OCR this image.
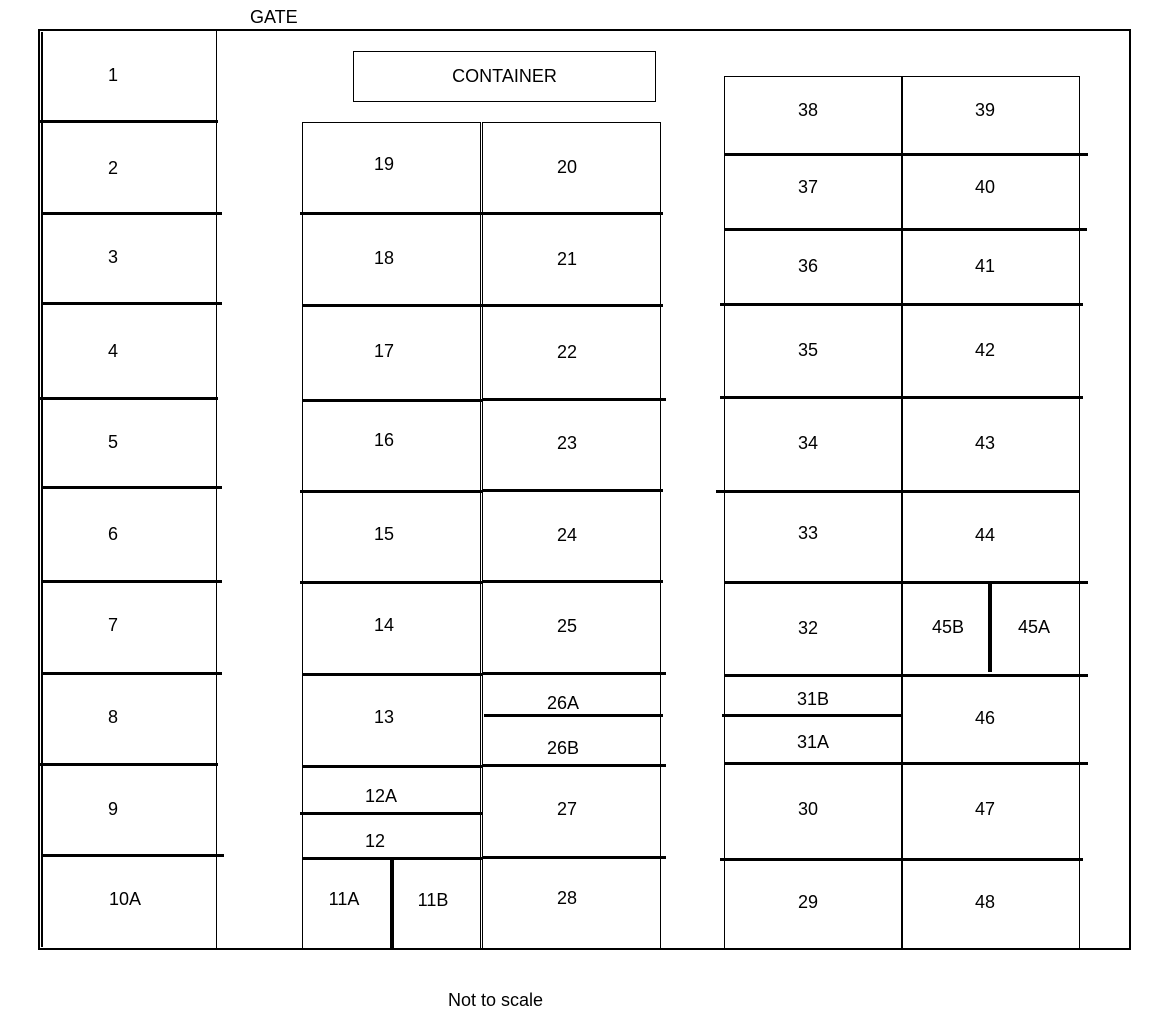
GATE
Not to scale
CONTAINER
1
2
3
4
5
6
7
8
9
10A
19
18
17
16
15
14
13
12A
12
11A	11B
20
21
22
23
24
25
26A
26B
27
28
38
37
36
35
34
33
32
31B
31A
30
29
39
40
41
42
43
44
45B	45A
46
47
48
